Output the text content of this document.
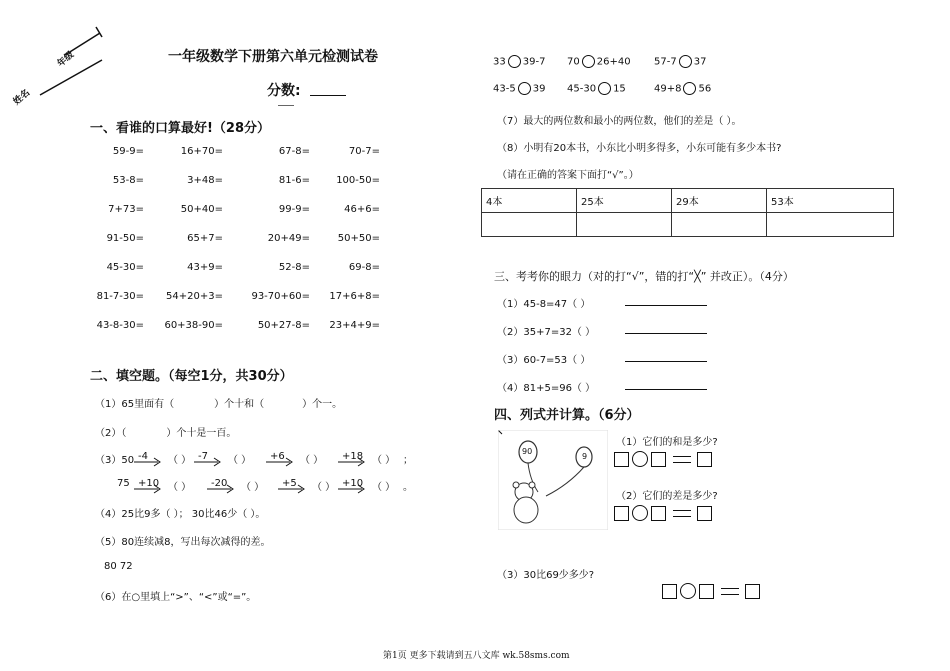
年级
姓名
一年级数学下册第六单元检测试卷
分数:
一、看谁的口算最好!（28分）
59-9=	16+70=	67-8=	70-7=
53-8=	3+48=	81-6=	100-50=
7+73=	50+40=	99-9=	46+6=
91-50=	65+7=	20+49=	50+50=
45-30=	43+9=	52-8=	69-8=
81-7-30= 54+20+3=	93-70+60= 17+6+8=
43-8-30= 60+38-90=	50+27-8= 23+4+9=
二、填空题。（每空1分，共30分）
（1）65里面有（	）个十和（	）个一。
（2）（	）个十是一百。
（3）50	；
75	。
-4 （ ） -7 （ ） +6 （ ） +18 （ ）
+10 （ ） -20 （ ） +5 （ ） +10 （ ）
（4）25比9多（ ）； 30比46少（ ）。
（5）80连续减8，写出每次减得的差。
80 72
（6）在○里填上“>”、“<”或“=”。
33 39-7 70 26+40 57-7 37
43-5 39 45-30 15	49+8 56
（7）最大的两位数和最小的两位数，他们的差是（ ）。
（8）小明有20本书，小东比小明多得多，小东可能有多少本书?
（请在正确的答案下面打“√”。）
4本	25本	29本	53本

三、考考你的眼力（对的打“√”，错的打“╳” 并改正）。（4分）
（1）45-8=47（ ）
（2）35+7=32（ ）
（3）60-7=53（ ）
（4）81+5=96（ ）
四、列式并计算。（6分）
90
9
（1）它们的和是多少?

（2）它们的差是多少?

（3）30比69少多少?

第1页 更多下载请到五八文库 wk.58sms.com
